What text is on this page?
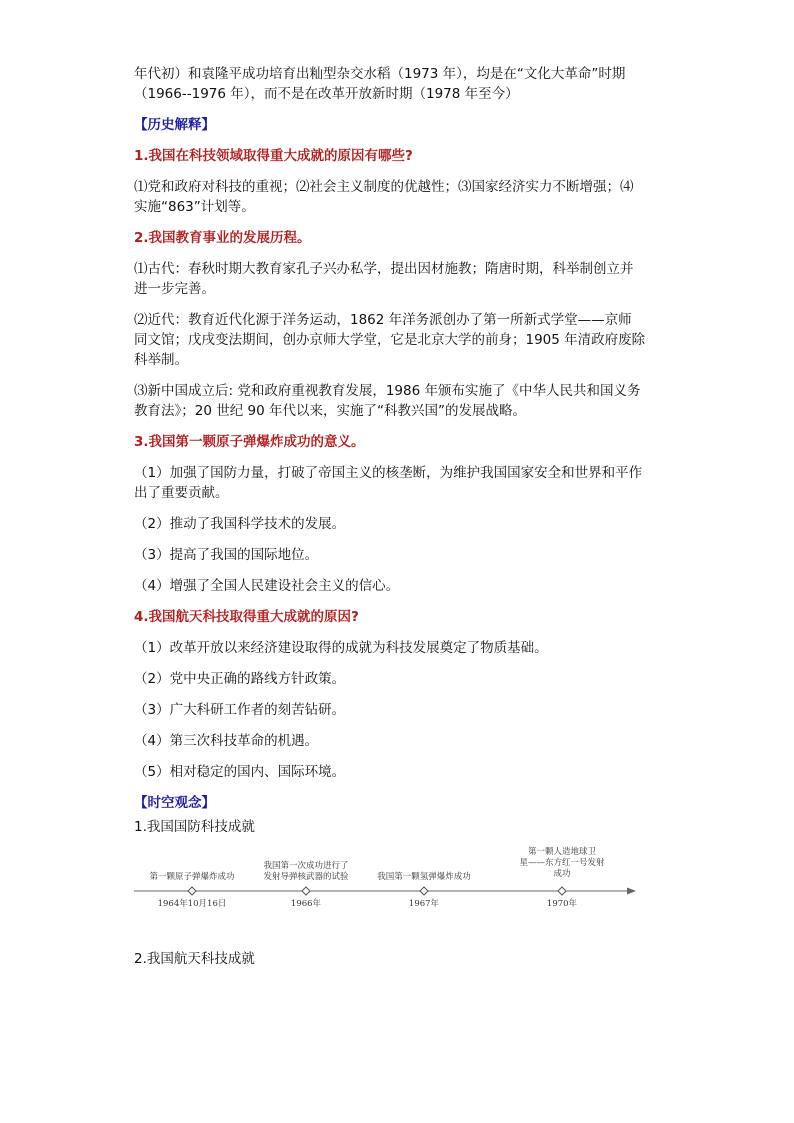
年代初）和袁隆平成功培育出籼型杂交水稻（1973 年），均是在“文化大革命”时期
（1966--1976 年），而不是在改革开放新时期（1978 年至今）
【历史解释】
1.我国在科技领域取得重大成就的原因有哪些?
⑴党和政府对科技的重视；⑵社会主义制度的优越性；⑶国家经济实力不断增强；⑷
实施“863”计划等。
2.我国教育事业的发展历程。
⑴古代：春秋时期大教育家孔子兴办私学，提出因材施教；隋唐时期，科举制创立并
进一步完善。
⑵近代：教育近代化源于洋务运动，1862 年洋务派创办了第一所新式学堂——京师
同文馆；戊戌变法期间，创办京师大学堂，它是北京大学的前身；1905 年清政府废除
科举制。
⑶新中国成立后: 党和政府重视教育发展，1986 年颁布实施了《中华人民共和国义务
教育法》；20 世纪 90 年代以来，实施了“科教兴国”的发展战略。
3.我国第一颗原子弹爆炸成功的意义。
（1）加强了国防力量，打破了帝国主义的核垄断，为维护我国国家安全和世界和平作
出了重要贡献。
（2）推动了我国科学技术的发展。
（3）提高了我国的国际地位。
（4）增强了全国人民建设社会主义的信心。
4.我国航天科技取得重大成就的原因?
（1）改革开放以来经济建设取得的成就为科技发展奠定了物质基础。
（2）党中央正确的路线方针政策。
（3）广大科研工作者的刻苦钻研。
（4）第三次科技革命的机遇。
（5）相对稳定的国内、国际环境。
【时空观念】
1.我国国防科技成就
第一颗原子弹爆炸成功
1964年10月16日
我国第一次成功进行了
发射导弹核武器的试验
1966年
我国第一颗氢弹爆炸成功
1967年
第一颗人造地球卫
星——东方红一号发射
成功
1970年
2.我国航天科技成就
